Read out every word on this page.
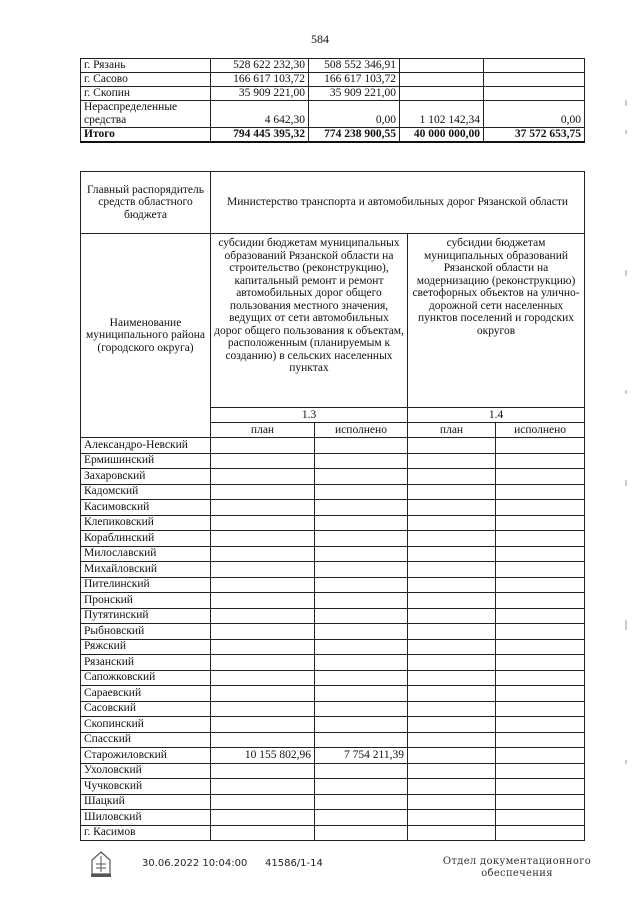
584
г. Рязань	528 622 232,30	508 552 346,91		
г. Сасово	166 617 103,72	166 617 103,72		
г. Скопин	35 909 221,00	35 909 221,00		
Нераспределенные средства	4 642,30	0,00	1 102 142,34	0,00
Итого	794 445 395,32	774 238 900,55	40 000 000,00	37 572 653,75
Главный распорядитель средств областного бюджета	Министерство транспорта и автомобильных дорог Рязанской области			
Наименование муниципального района (городского округа)	субсидии бюджетам муниципальных образований Рязанской области на строительство (реконструкцию), капитальный ремонт и ремонт автомобильных дорог общего пользования местного значения, ведущих от сети автомобильных дорог общего пользования к объектам, расположенным (планируемым к созданию) в сельских населенных пунктах		субсидии бюджетам муниципальных образований Рязанской области на модернизацию (реконструкцию) светофорных объектов на улично-дорожной сети населенных пунктов поселений и городских округов	
	1.3		1.4	
	план	исполнено	план	исполнено
Александро-Невский				
Ермишинский				
Захаровский				
Кадомский				
Касимовский				
Клепиковский				
Кораблинский				
Милославский				
Михайловский				
Пителинский				
Пронский				
Путятинский				
Рыбновский				
Ряжский				
Рязанский				
Сапожковский				
Сараевский				
Сасовский				
Скопинский				
Спасский				
Старожиловский	10 155 802,96	7 754 211,39		
Ухоловский				
Чучковский				
Шацкий				
Шиловский				
г. Касимов				
30.06.2022 10:04:00 41586/1-14	Отдел документационного
обеспечения
